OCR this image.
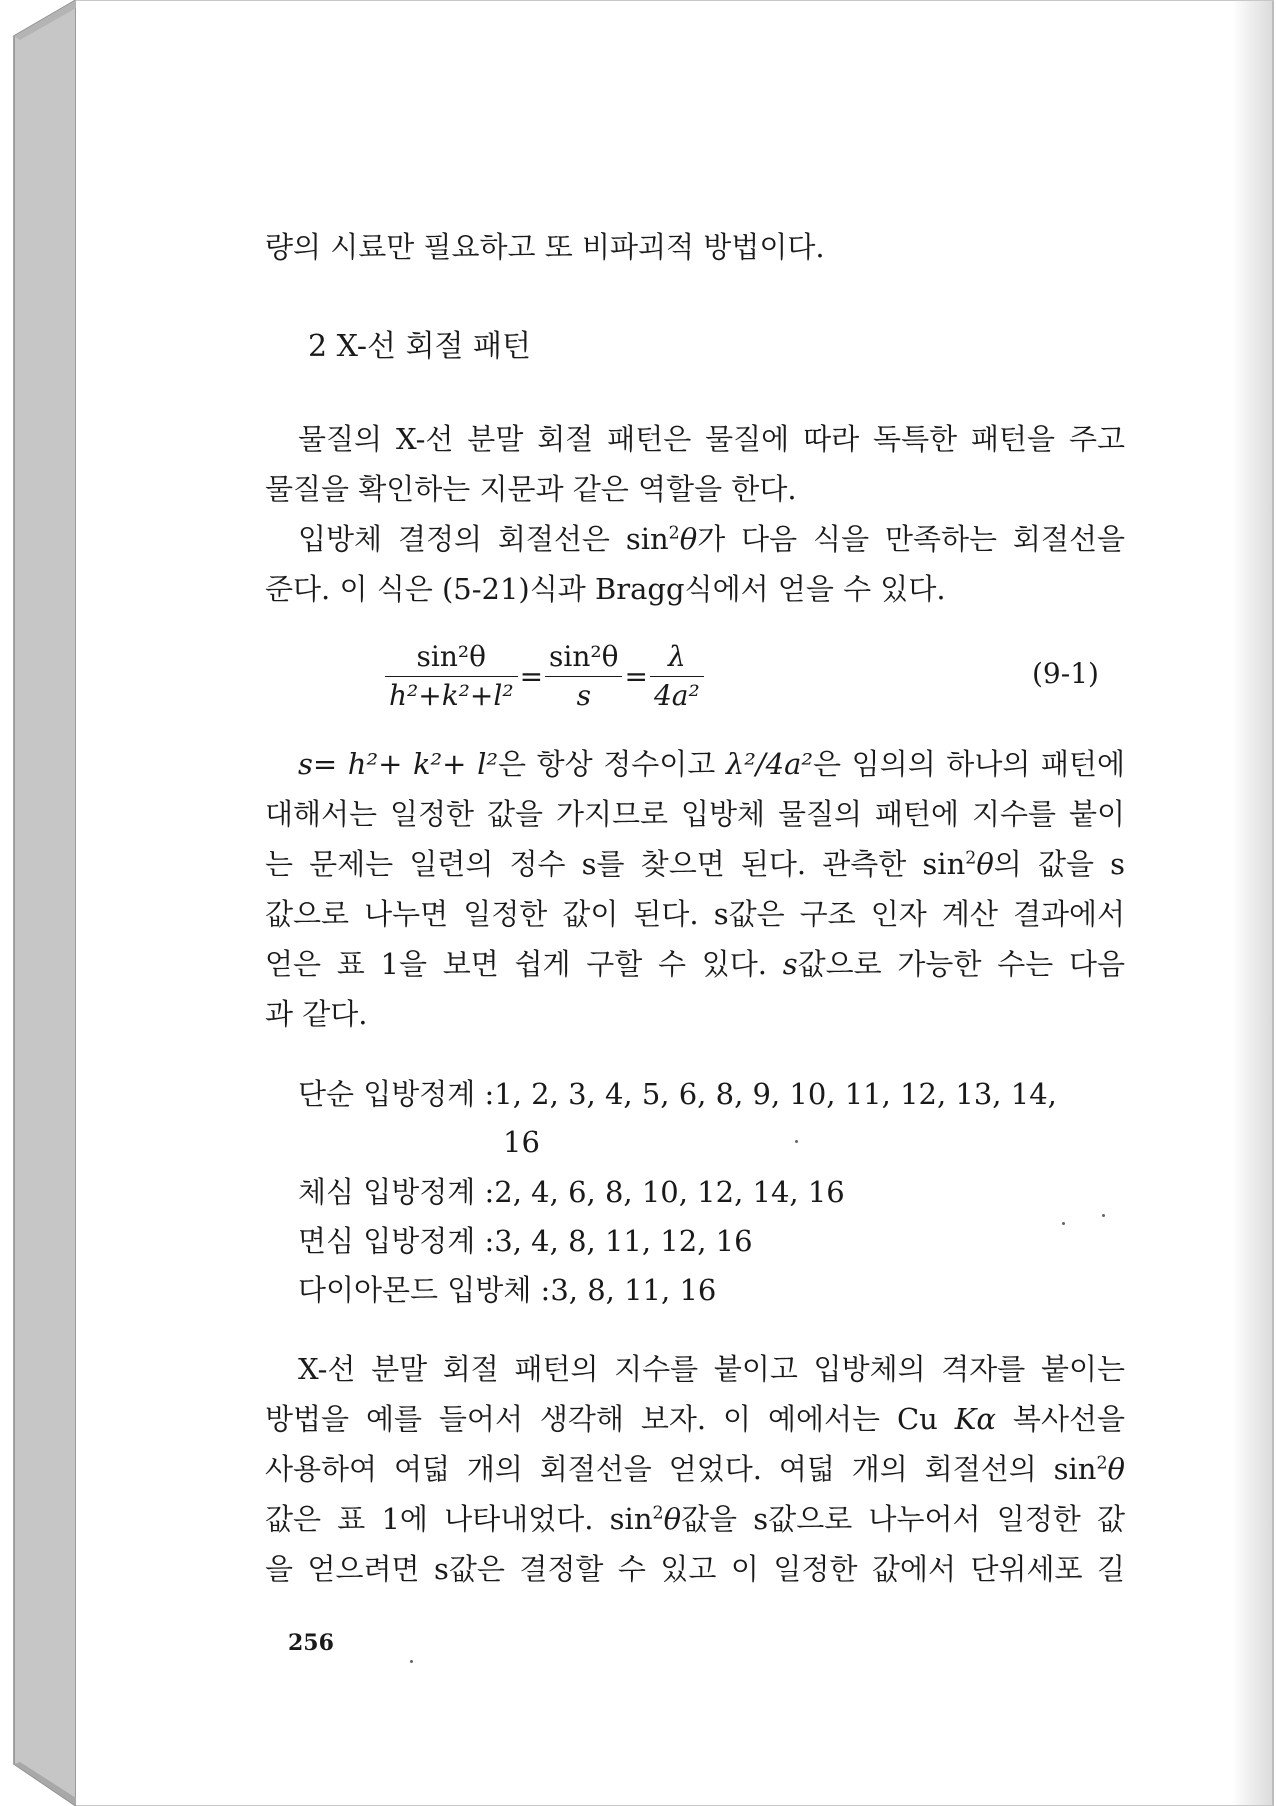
량의 시료만 필요하고 또 비파괴적 방법이다.
2 X-선 회절 패턴
물질의 X-선 분말 회절 패턴은 물질에 따라 독특한 패턴을 주고
물질을 확인하는 지문과 같은 역할을 한다.
입방체 결정의 회절선은 $\sin^2\theta$가 다음 식을 만족하는 회절선을
준다. 이 식은 (5-21)식과 Bragg식에서 얻을 수 있다.
$\frac{\text{sin²θ}}{\text{h²+k²+l²}} = \frac{\text{sin²θ}}{s} = \frac{\lambda}{\text{4a²}}$	(9-1)
s= h²+ k²+ l²은 항상 정수이고 λ²/4a²은 임의의 하나의 패턴에
대해서는 일정한 값을 가지므로 입방체 물질의 패턴에 지수를 붙이
는 문제는 일련의 정수 s를 찾으면 된다. 관측한 $\sin^2\theta$의 값을 s
값으로 나누면 일정한 값이 된다. s값은 구조 인자 계산 결과에서
얻은 표 1을 보면 쉽게 구할 수 있다. s값으로 가능한 수는 다음
과 같다.
단순 입방정계 :1, 2, 3, 4, 5, 6, 8, 9, 10, 11, 12, 13, 14,
16
체심 입방정계 :2, 4, 6, 8, 10, 12, 14, 16
면심 입방정계 :3, 4, 8, 11, 12, 16
다이아몬드 입방체 :3, 8, 11, 16
X-선 분말 회절 패턴의 지수를 붙이고 입방체의 격자를 붙이는
방법을 예를 들어서 생각해 보자. 이 예에서는 Cu Kα 복사선을
사용하여 여덟 개의 회절선을 얻었다. 여덟 개의 회절선의 $\sin^2\theta$
값은 표 1에 나타내었다. $\sin^2\theta$값을 s값으로 나누어서 일정한 값
을 얻으려면 s값은 결정할 수 있고 이 일정한 값에서 단위세포 길
256
